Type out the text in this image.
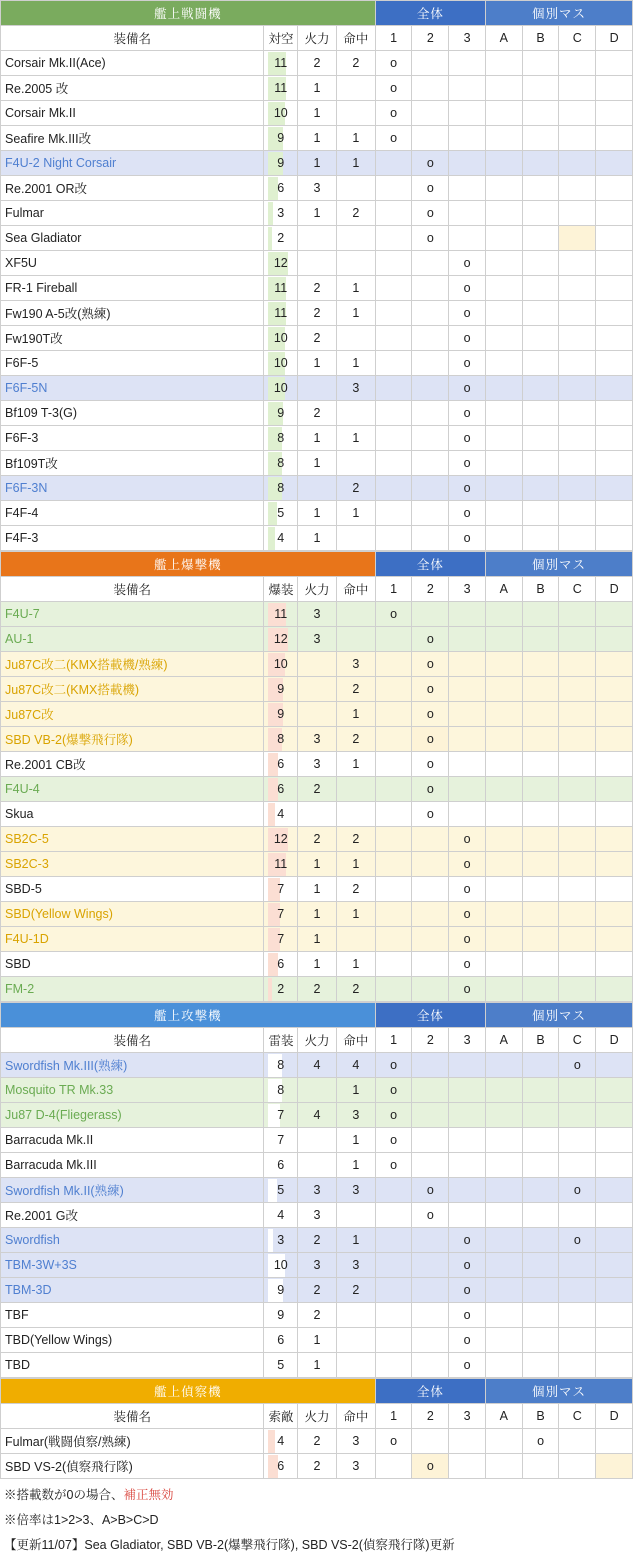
艦上戦闘機				全体			個別マス			
装備名	対空	火力	命中	1	2	3	A	B	C	D
Corsair Mk.II(Ace)	11	2	2	o						
Re.2005 改	11	1		o						
Corsair Mk.II	10	1		o						
Seafire Mk.III改	9	1	1	o						
F4U-2 Night Corsair	9	1	1		o					
Re.2001 OR改	6	3			o					
Fulmar	3	1	2		o					
Sea Gladiator	2				o					
XF5U	12					o				
FR-1 Fireball	11	2	1			o				
Fw190 A-5改(熟練)	11	2	1			o				
Fw190T改	10	2				o				
F6F-5	10	1	1			o				
F6F-5N	10		3			o				
Bf109 T-3(G)	9	2				o				
F6F-3	8	1	1			o				
Bf109T改	8	1				o				
F6F-3N	8		2			o				
F4F-4	5	1	1			o				
F4F-3	4	1				o				
艦上爆撃機				全体			個別マス			
装備名	爆装	火力	命中	1	2	3	A	B	C	D
F4U-7	11	3		o						
AU-1	12	3			o					
Ju87C改二(KMX搭載機/熟練)	10		3		o					
Ju87C改二(KMX搭載機)	9		2		o					
Ju87C改	9		1		o					
SBD VB-2(爆撃飛行隊)	8	3	2		o					
Re.2001 CB改	6	3	1		o					
F4U-4	6	2			o					
Skua	4				o					
SB2C-5	12	2	2			o				
SB2C-3	11	1	1			o				
SBD-5	7	1	2			o				
SBD(Yellow Wings)	7	1	1			o				
F4U-1D	7	1				o				
SBD	6	1	1			o				
FM-2	2	2	2			o				
艦上攻撃機				全体			個別マス			
装備名	雷装	火力	命中	1	2	3	A	B	C	D
Swordfish Mk.III(熟練)	8	4	4	o					o	
Mosquito TR Mk.33	8		1	o						
Ju87 D-4(Fliegerass)	7	4	3	o						
Barracuda Mk.II	7		1	o						
Barracuda Mk.III	6		1	o						
Swordfish Mk.II(熟練)	5	3	3		o				o	
Re.2001 G改	4	3			o					
Swordfish	3	2	1			o			o	
TBM-3W+3S	10	3	3			o				
TBM-3D	9	2	2			o				
TBF	9	2				o				
TBD(Yellow Wings)	6	1				o				
TBD	5	1				o				
艦上偵察機				全体			個別マス			
装備名	索敵	火力	命中	1	2	3	A	B	C	D
Fulmar(戦闘偵察/熟練)	4	2	3	o				o		
SBD VS-2(偵察飛行隊)	6	2	3		o					
※搭載数が0の場合、補正無効
※倍率は1>2>3、A>B>C>D
【更新11/07】Sea Gladiator, SBD VB-2(爆撃飛行隊), SBD VS-2(偵察飛行隊)更新
